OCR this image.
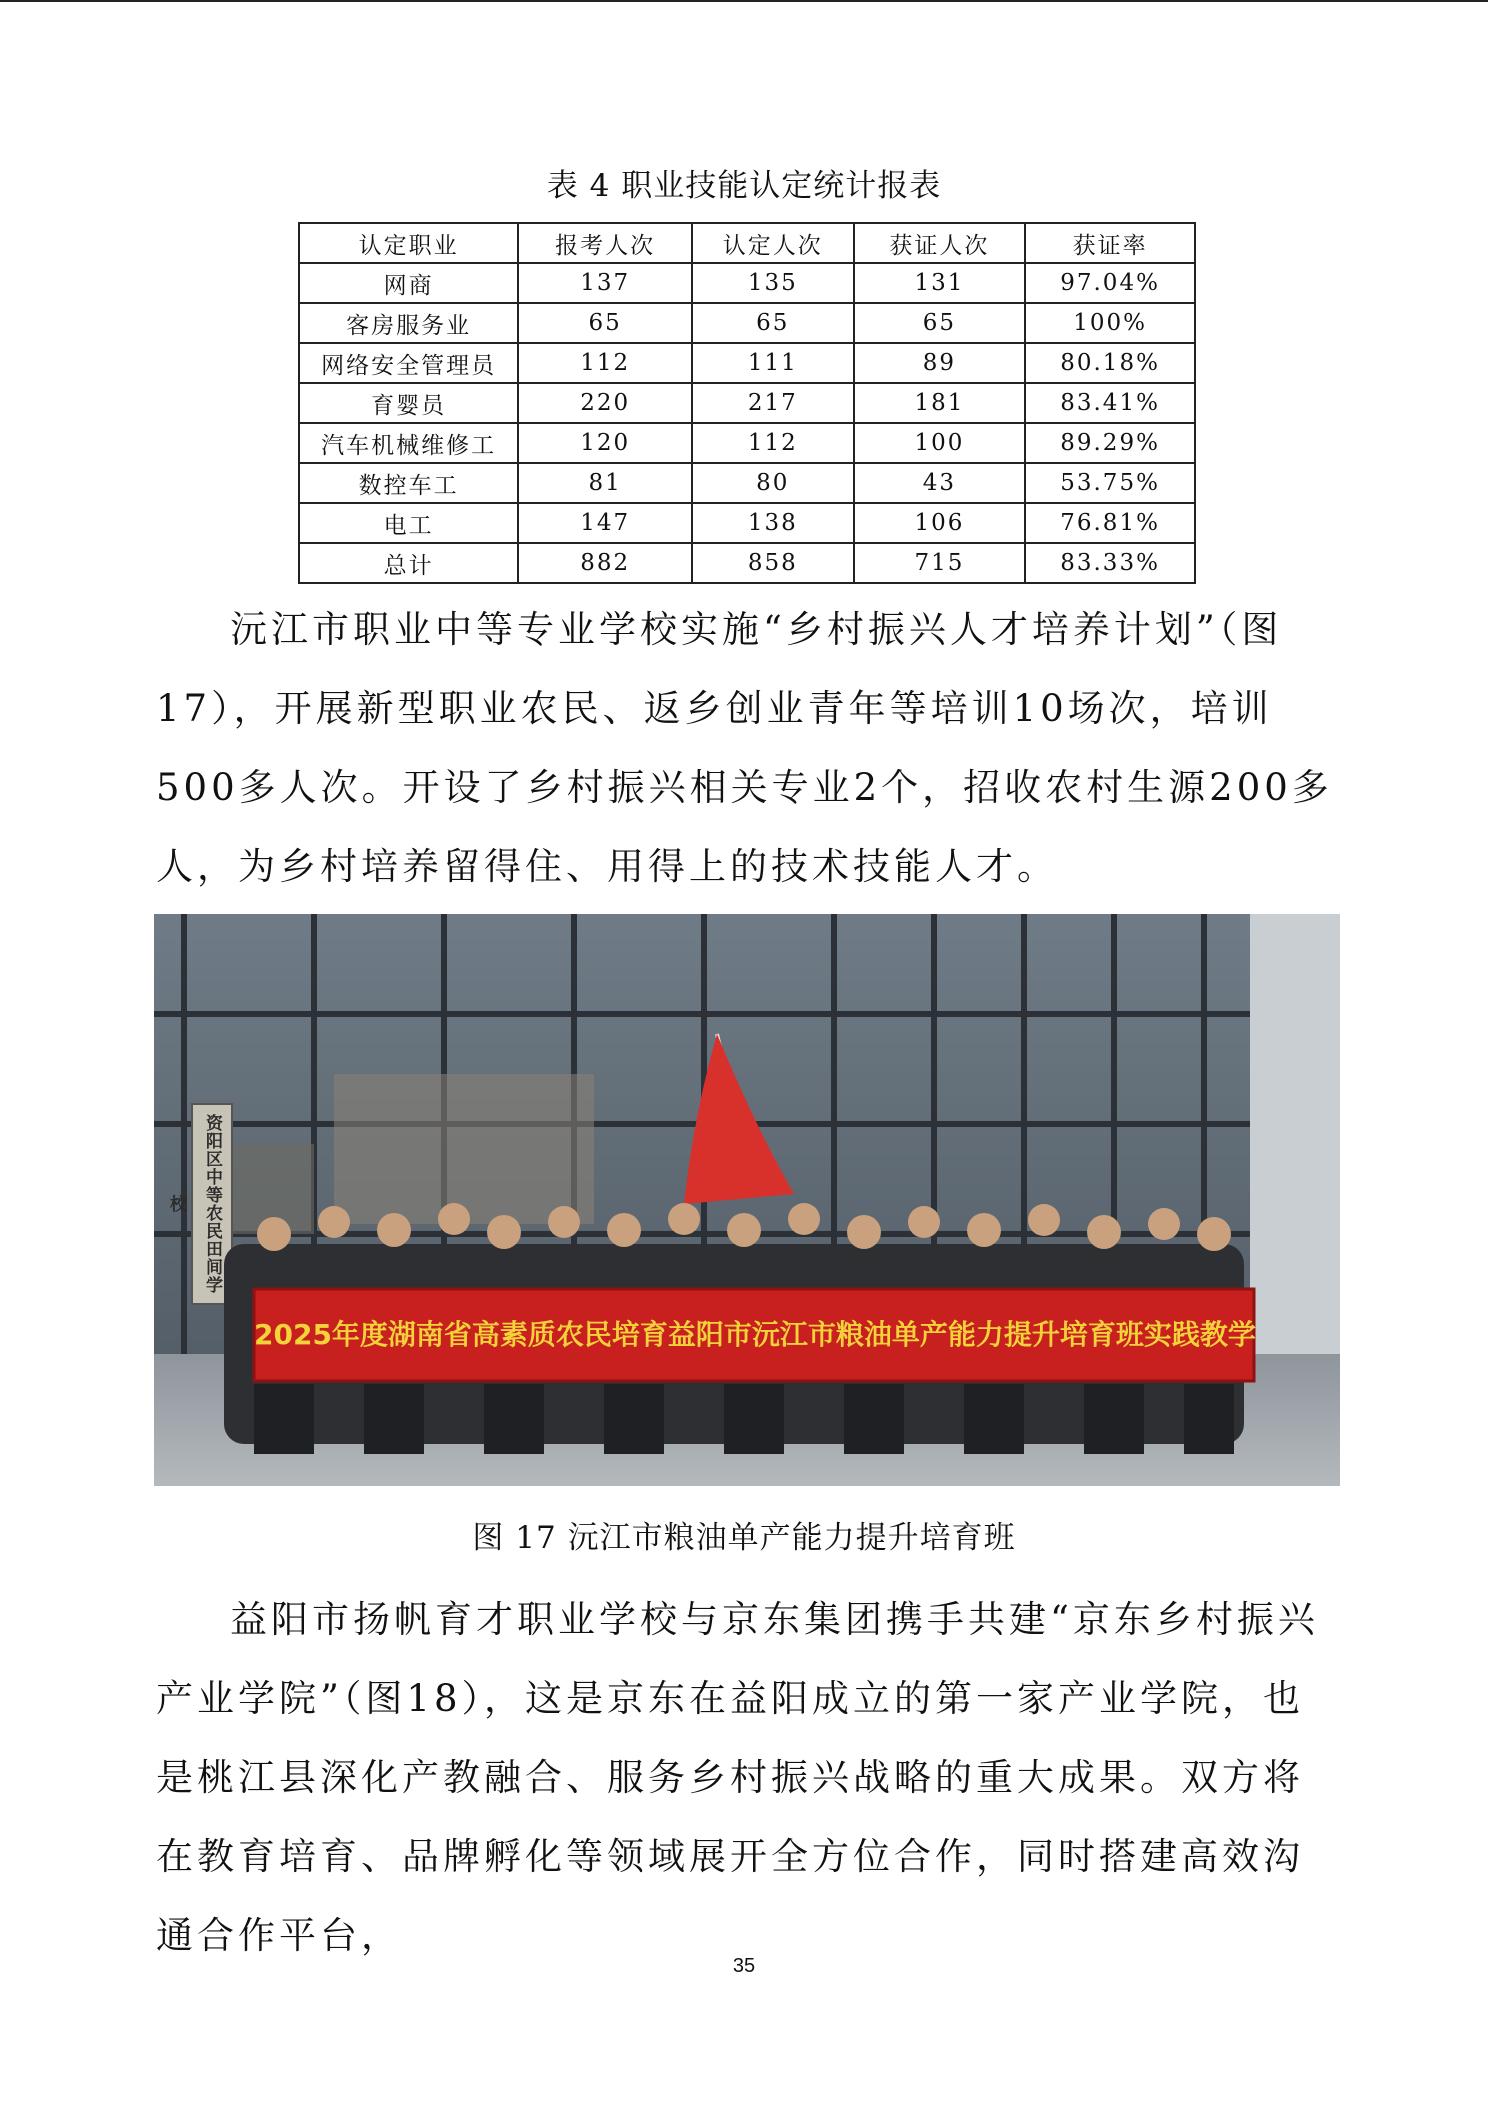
表 4 职业技能认定统计报表
认定职业	报考人次	认定人次	获证人次	获证率
网商	137	135	131	97.04%
客房服务业	65	65	65	100%
网络安全管理员	112	111	89	80.18%
育婴员	220	217	181	83.41%
汽车机械维修工	120	112	100	89.29%
数控车工	81	80	43	53.75%
电工	147	138	106	76.81%
总计	882	858	715	83.33%

沅江市职业中等专业学校实施“乡村振兴人才培养计划”（图17），开展新型职业农民、返乡创业青年等培训10场次，培训500多人次。开设了乡村振兴相关专业2个，招收农村生源200多人，为乡村培养留得住、用得上的技术技能人才。

资阳区中等农民田间学校
2025年度湖南省高素质农民培育益阳市沅江市粮油单产能力提升培育班实践教学
图 17 沅江市粮油单产能力提升培育班

益阳市扬帆育才职业学校与京东集团携手共建“京东乡村振兴产业学院”（图18），这是京东在益阳成立的第一家产业学院，也是桃江县深化产教融合、服务乡村振兴战略的重大成果。双方将在教育培育、品牌孵化等领域展开全方位合作，同时搭建高效沟通合作平台，

35
